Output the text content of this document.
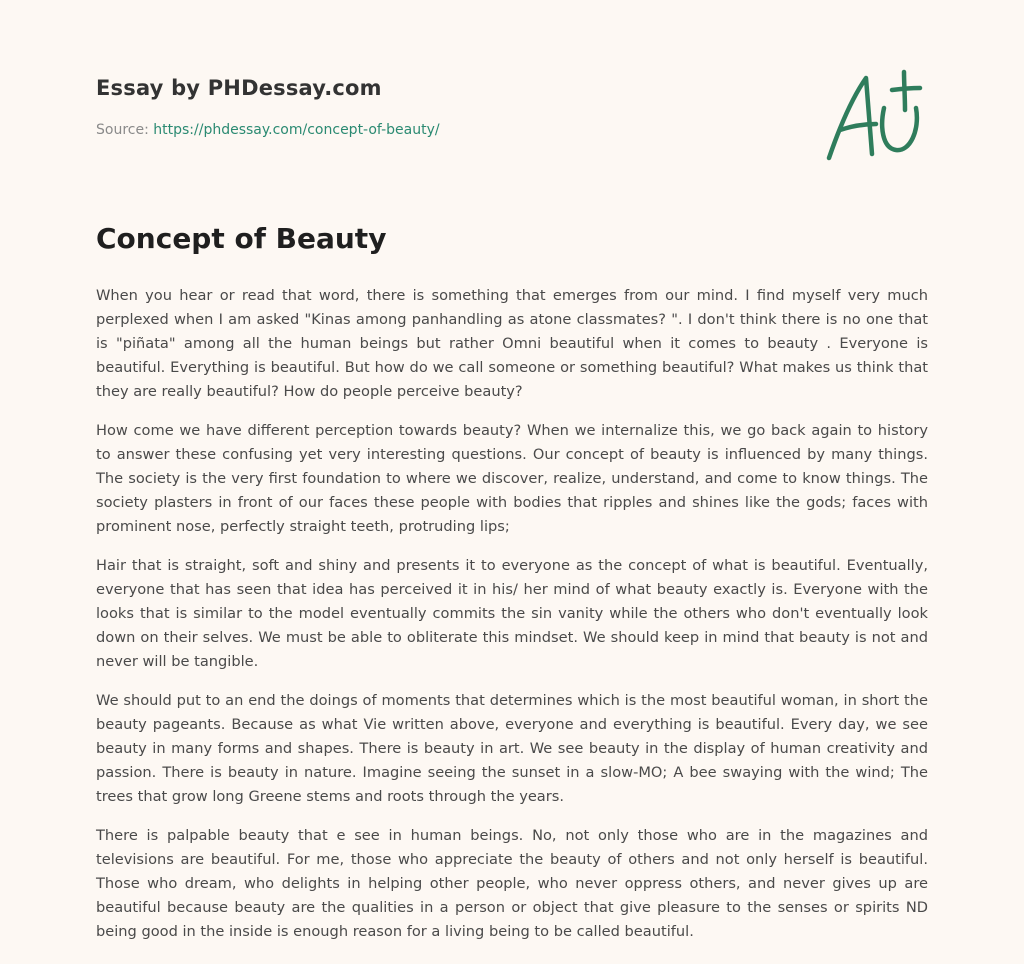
Essay by PHDessay.com
Source: https://phdessay.com/concept-of-beauty/
Concept of Beauty

When you hear or read that word, there is something that emerges from our mind. I find myself very much perplexed when I am asked "Kinas among panhandling as atone classmates? ". I don't think there is no one that is "piñata" among all the human beings but rather Omni beautiful when it comes to beauty . Everyone is beautiful. Everything is beautiful. But how do we call someone or something beautiful? What makes us think that they are really beautiful? How do people perceive beauty?

How come we have different perception towards beauty? When we internalize this, we go back again to history to answer these confusing yet very interesting questions. Our concept of beauty is influenced by many things. The society is the very first foundation to where we discover, realize, understand, and come to know things. The society plasters in front of our faces these people with bodies that ripples and shines like the gods; faces with prominent nose, perfectly straight teeth, protruding lips;

Hair that is straight, soft and shiny and presents it to everyone as the concept of what is beautiful. Eventually, everyone that has seen that idea has perceived it in his/ her mind of what beauty exactly is. Everyone with the looks that is similar to the model eventually commits the sin vanity while the others who don't eventually look down on their selves. We must be able to obliterate this mindset. We should keep in mind that beauty is not and never will be tangible.

We should put to an end the doings of moments that determines which is the most beautiful woman, in short the beauty pageants. Because as what Vie written above, everyone and everything is beautiful. Every day, we see beauty in many forms and shapes. There is beauty in art. We see beauty in the display of human creativity and passion. There is beauty in nature. Imagine seeing the sunset in a slow-MO; A bee swaying with the wind; The trees that grow long Greene stems and roots through the years.

There is palpable beauty that e see in human beings. No, not only those who are in the magazines and televisions are beautiful. For me, those who appreciate the beauty of others and not only herself is beautiful. Those who dream, who delights in helping other people, who never oppress others, and never gives up are beautiful because beauty are the qualities in a person or object that give pleasure to the senses or spirits ND being good in the inside is enough reason for a living being to be called beautiful.
